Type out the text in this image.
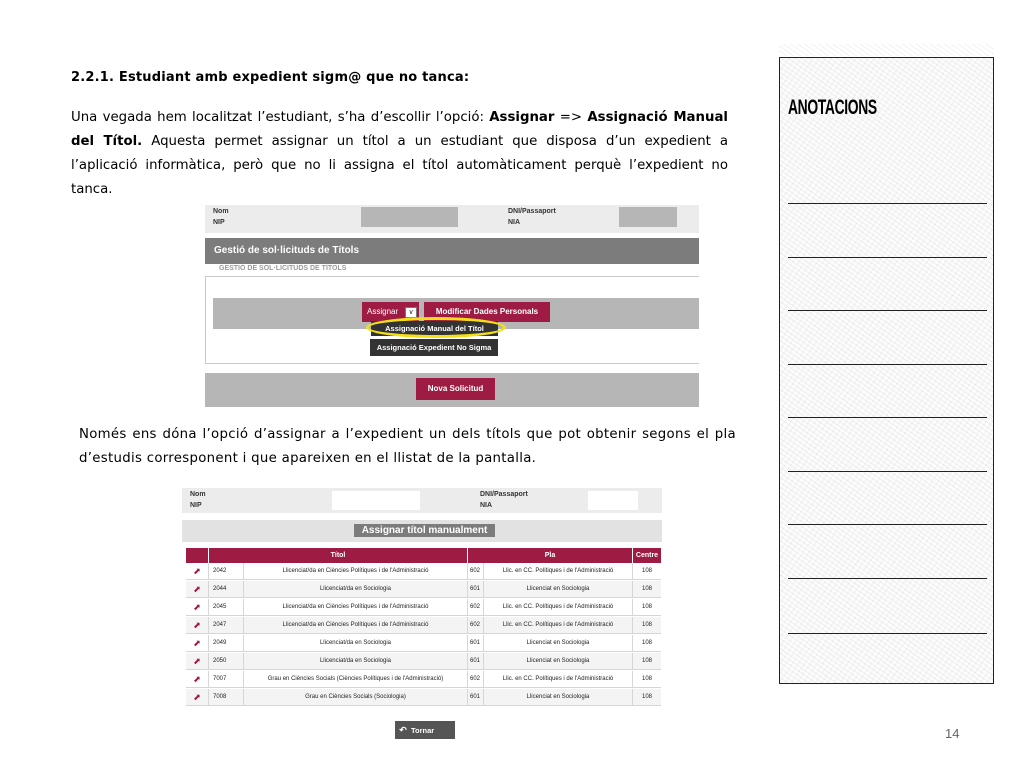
2.2.1. Estudiant amb expedient sigm@ que no tanca:
Una vegada hem localitzat l’estudiant, s’ha d’escollir l’opció: Assignar => Assignació Manual del Títol. Aquesta permet assignar un títol a un estudiant que disposa d’un expedient a l’aplicació informàtica, però que no li assigna el títol automàticament perquè l’expedient no tanca.
Nom
NIP
DNI/Passaport
NIA
Gestió de sol·licituds de Títols
GESTIÓ DE SOL·LICITUDS DE TÍTOLS
Assignar	∨	Modificar Dades Personals
Assignació Manual del Títol
Assignació Expedient No Sigma
Nova Solicitud
Només ens dóna l’opció d’assignar a l’expedient un dels títols que pot obtenir segons el pla d’estudis corresponent i que apareixen en el llistat de la pantalla.
Nom
NIP
DNI/Passaport
NIA
Assignar títol manualment
Títol	Pla	Centre
⬈	2042	Llicenciat/da en Ciències Polítiques i de l'Administració	602	Llic. en CC. Polítiques i de l'Administració	108
⬈	2044	Llicenciat/da en Sociologia	601	Llicenciat en Sociologia	108
⬈	2045	Llicenciat/da en Ciències Polítiques i de l'Administració	602	Llic. en CC. Polítiques i de l'Administració	108
⬈	2047	Llicenciat/da en Ciències Polítiques i de l'Administració	602	Llic. en CC. Polítiques i de l'Administració	108
⬈	2049	Llicenciat/da en Sociologia	601	Llicenciat en Sociologia	108
⬈	2050	Llicenciat/da en Sociologia	601	Llicenciat en Sociologia	108
⬈	7007	Grau en Ciències Socials (Ciències Polítiques i de l'Administració)	602	Llic. en CC. Polítiques i de l'Administració	108
⬈	7008	Grau en Ciències Socials (Sociologia)	601	Llicenciat en Sociologia	108
↶ Tornar
ANOTACIONS
14
